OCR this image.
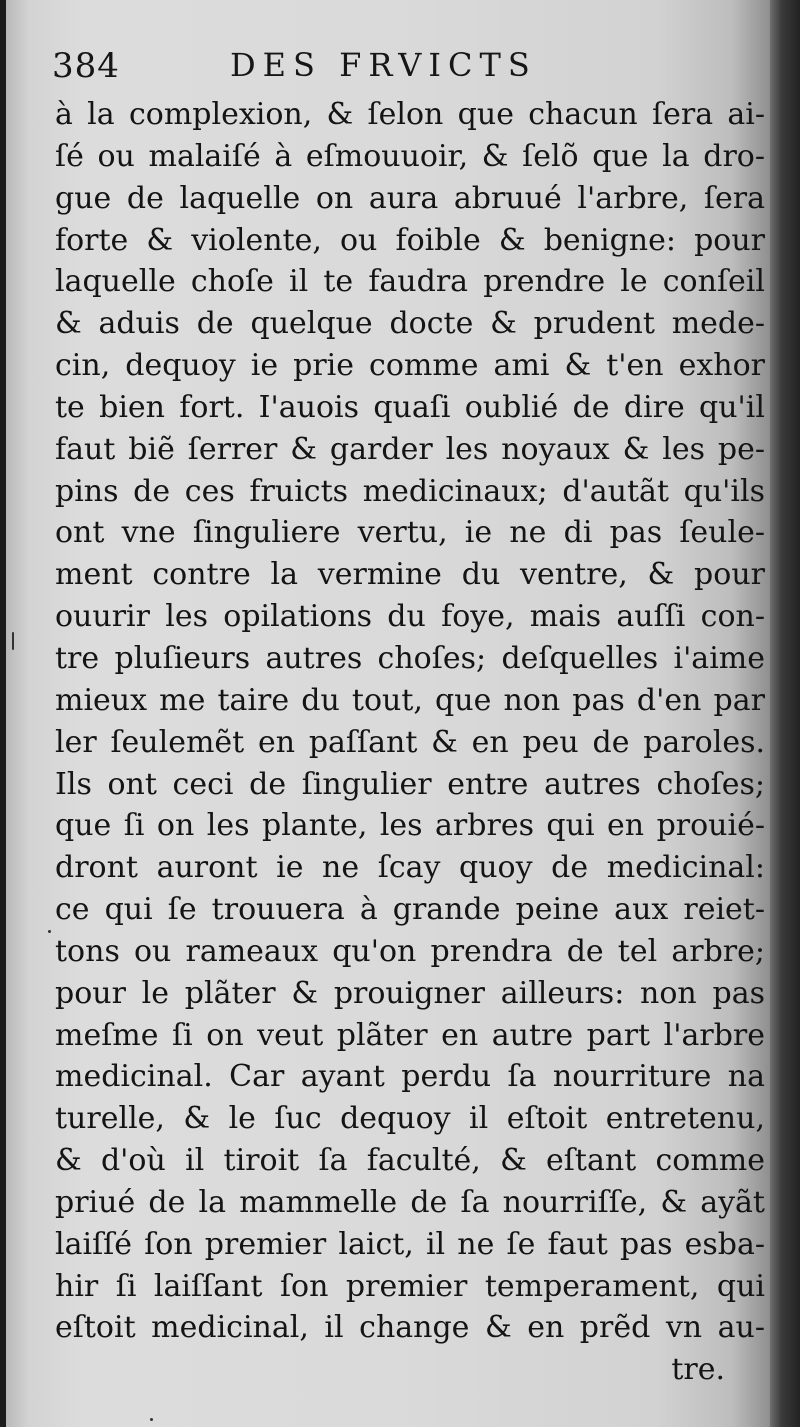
384	DES FRVICTS
à la complexion, & ſelon que chacun ſera ai-
ſé ou malaiſé à eſmouuoir, & ſelõ que la dro-
gue de laquelle on aura abruué l'arbre, ſera
forte & violente, ou foible & benigne: pour
laquelle choſe il te faudra prendre le conſeil
& aduis de quelque docte & prudent mede-
cin, dequoy ie prie comme ami & t'en exhor
te bien fort. I'auois quaſi oublié de dire qu'il
faut biẽ ſerrer & garder les noyaux & les pe-
pins de ces fruicts medicinaux; d'autãt qu'ils
ont vne ſinguliere vertu, ie ne di pas ſeule-
ment contre la vermine du ventre, & pour
ouurir les opilations du foye, mais auſſi con-
tre pluſieurs autres choſes; deſquelles i'aime
mieux me taire du tout, que non pas d'en par
ler ſeulemẽt en paſſant & en peu de paroles.
Ils ont ceci de ſingulier entre autres choſes;
que ſi on les plante, les arbres qui en prouié-
dront auront ie ne ſcay quoy de medicinal:
ce qui ſe trouuera à grande peine aux reiet-
tons ou rameaux qu'on prendra de tel arbre;
pour le plãter & prouigner ailleurs: non pas
meſme ſi on veut plãter en autre part l'arbre
medicinal. Car ayant perdu ſa nourriture na
turelle, & le ſuc dequoy il eſtoit entretenu,
& d'où il tiroit ſa faculté, & eſtant comme
priué de la mammelle de ſa nourriſſe, & ayãt
laiſſé ſon premier laict, il ne ſe faut pas esba-
hir ſi laiſſant ſon premier temperament, qui
eſtoit medicinal, il change & en prẽd vn au-
tre.
